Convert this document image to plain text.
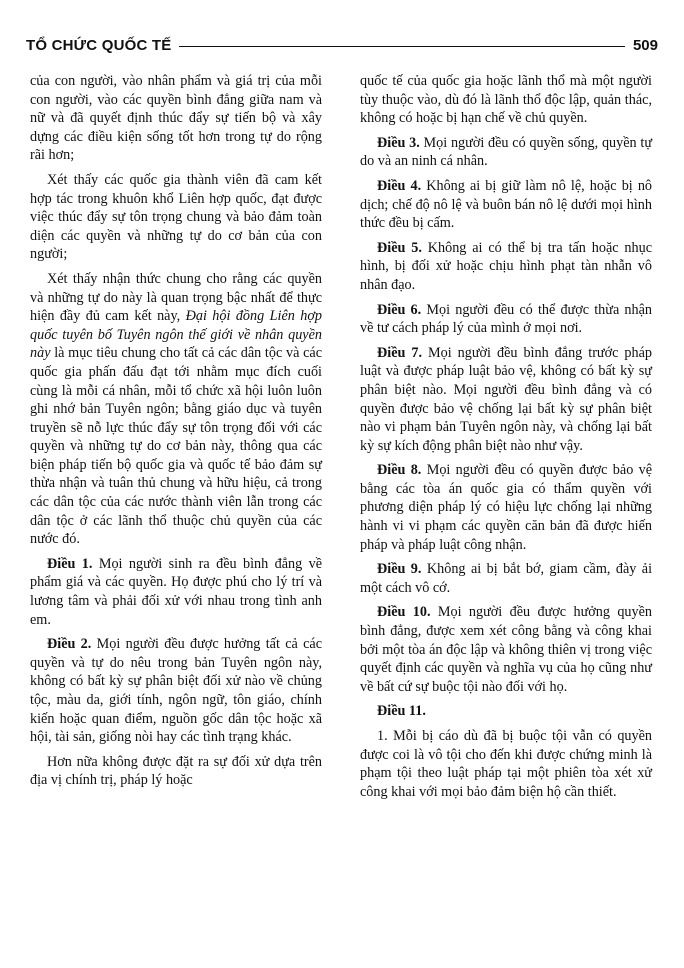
TỔ CHỨC QUỐC TẾ	509

của con người, vào nhân phẩm và giá trị của mỗi con người, vào các quyền bình đẳng giữa nam và nữ và đã quyết định thúc đẩy sự tiến bộ và xây dựng các điều kiện sống tốt hơn trong tự do rộng rãi hơn;

Xét thấy các quốc gia thành viên đã cam kết hợp tác trong khuôn khổ Liên hợp quốc, đạt được việc thúc đẩy sự tôn trọng chung và bảo đảm toàn diện các quyền và những tự do cơ bản của con người;

Xét thấy nhận thức chung cho rằng các quyền và những tự do này là quan trọng bậc nhất để thực hiện đầy đủ cam kết này, Đại hội đồng Liên hợp quốc tuyên bố Tuyên ngôn thế giới về nhân quyền này là mục tiêu chung cho tất cả các dân tộc và các quốc gia phấn đấu đạt tới nhằm mục đích cuối cùng là mỗi cá nhân, mỗi tổ chức xã hội luôn luôn ghi nhớ bản Tuyên ngôn; bằng giáo dục và tuyên truyền sẽ nỗ lực thúc đẩy sự tôn trọng đối với các quyền và những tự do cơ bản này, thông qua các biện pháp tiến bộ quốc gia và quốc tế bảo đảm sự thừa nhận và tuân thủ chung và hữu hiệu, cả trong các dân tộc của các nước thành viên lẫn trong các dân tộc ở các lãnh thổ thuộc chủ quyền của các nước đó.

Điều 1. Mọi người sinh ra đều bình đẳng về phẩm giá và các quyền. Họ được phú cho lý trí và lương tâm và phải đối xử với nhau trong tình anh em.

Điều 2. Mọi người đều được hưởng tất cả các quyền và tự do nêu trong bản Tuyên ngôn này, không có bất kỳ sự phân biệt đối xử nào về chủng tộc, màu da, giới tính, ngôn ngữ, tôn giáo, chính kiến hoặc quan điểm, nguồn gốc dân tộc hoặc xã hội, tài sản, giống nòi hay các tình trạng khác.

Hơn nữa không được đặt ra sự đối xử dựa trên địa vị chính trị, pháp lý hoặc

quốc tế của quốc gia hoặc lãnh thổ mà một người tùy thuộc vào, dù đó là lãnh thổ độc lập, quản thác, không có hoặc bị hạn chế về chủ quyền.

Điều 3. Mọi người đều có quyền sống, quyền tự do và an ninh cá nhân.

Điều 4. Không ai bị giữ làm nô lệ, hoặc bị nô dịch; chế độ nô lệ và buôn bán nô lệ dưới mọi hình thức đều bị cấm.

Điều 5. Không ai có thể bị tra tấn hoặc nhục hình, bị đối xử hoặc chịu hình phạt tàn nhẫn vô nhân đạo.

Điều 6. Mọi người đều có thể được thừa nhận về tư cách pháp lý của mình ở mọi nơi.

Điều 7. Mọi người đều bình đẳng trước pháp luật và được pháp luật bảo vệ, không có bất kỳ sự phân biệt nào. Mọi người đều bình đẳng và có quyền được bảo vệ chống lại bất kỳ sự phân biệt nào vi phạm bản Tuyên ngôn này, và chống lại bất kỳ sự kích động phân biệt nào như vậy.

Điều 8. Mọi người đều có quyền được bảo vệ bằng các tòa án quốc gia có thẩm quyền với phương diện pháp lý có hiệu lực chống lại những hành vi vi phạm các quyền căn bản đã được hiến pháp và pháp luật công nhận.

Điều 9. Không ai bị bắt bớ, giam cầm, đày ải một cách vô cớ.

Điều 10. Mọi người đều được hưởng quyền bình đẳng, được xem xét công bằng và công khai bởi một tòa án độc lập và không thiên vị trong việc quyết định các quyền và nghĩa vụ của họ cũng như về bất cứ sự buộc tội nào đối với họ.

Điều 11.

1. Mỗi bị cáo dù đã bị buộc tội vẫn có quyền được coi là vô tội cho đến khi được chứng minh là phạm tội theo luật pháp tại một phiên tòa xét xử công khai với mọi bảo đảm biện hộ cần thiết.
